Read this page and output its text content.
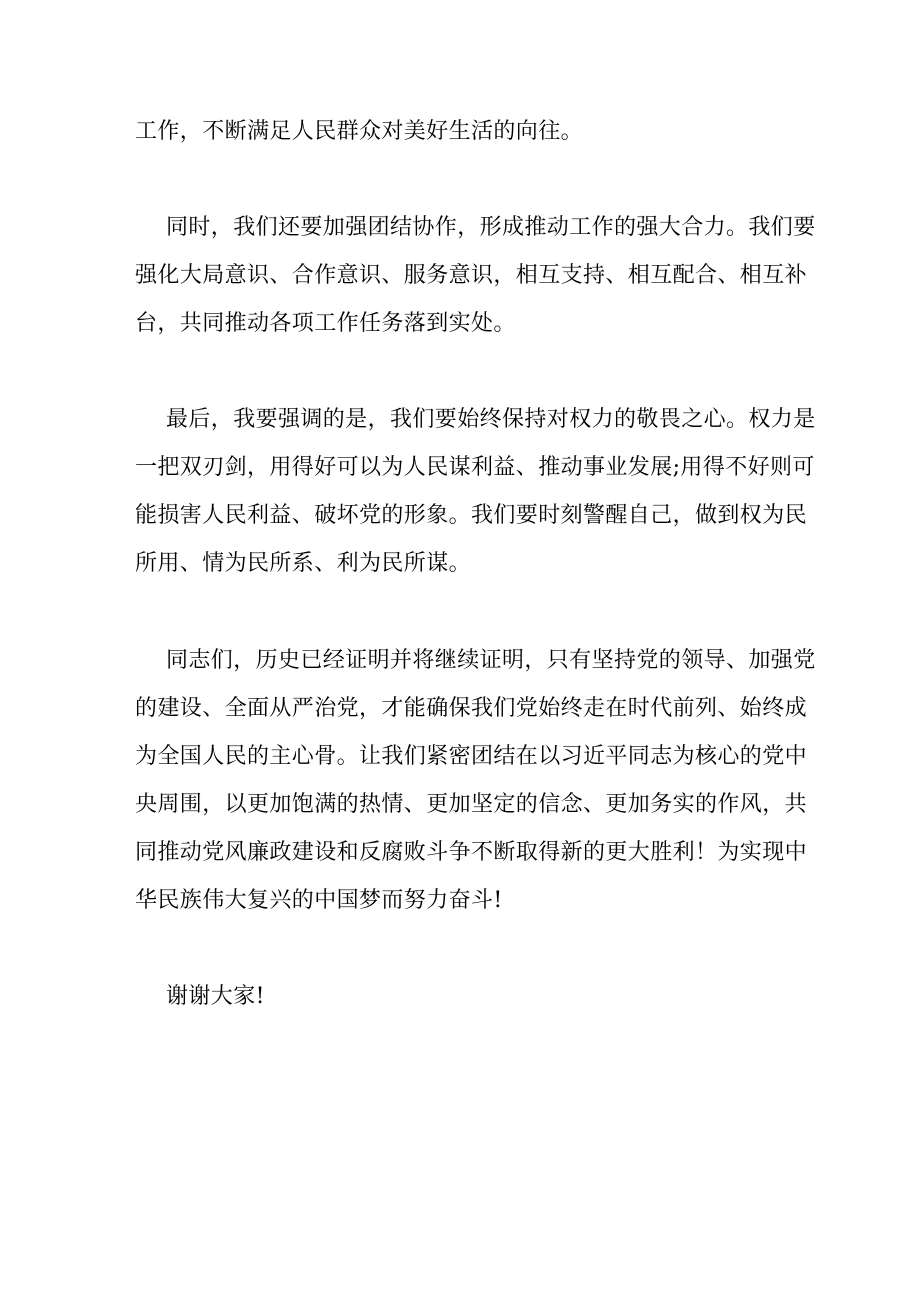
工作，不断满足人民群众对美好生活的向往。
同时，我们还要加强团结协作，形成推动工作的强大合力。我们要
强化大局意识、合作意识、服务意识，相互支持、相互配合、相互补
台，共同推动各项工作任务落到实处。
最后，我要强调的是，我们要始终保持对权力的敬畏之心。权力是
一把双刃剑，用得好可以为人民谋利益、推动事业发展;用得不好则可
能损害人民利益、破坏党的形象。我们要时刻警醒自己，做到权为民
所用、情为民所系、利为民所谋。
同志们，历史已经证明并将继续证明，只有坚持党的领导、加强党
的建设、全面从严治党，才能确保我们党始终走在时代前列、始终成
为全国人民的主心骨。让我们紧密团结在以习近平同志为核心的党中
央周围，以更加饱满的热情、更加坚定的信念、更加务实的作风，共
同推动党风廉政建设和反腐败斗争不断取得新的更大胜利！为实现中
华民族伟大复兴的中国梦而努力奋斗!
谢谢大家!
